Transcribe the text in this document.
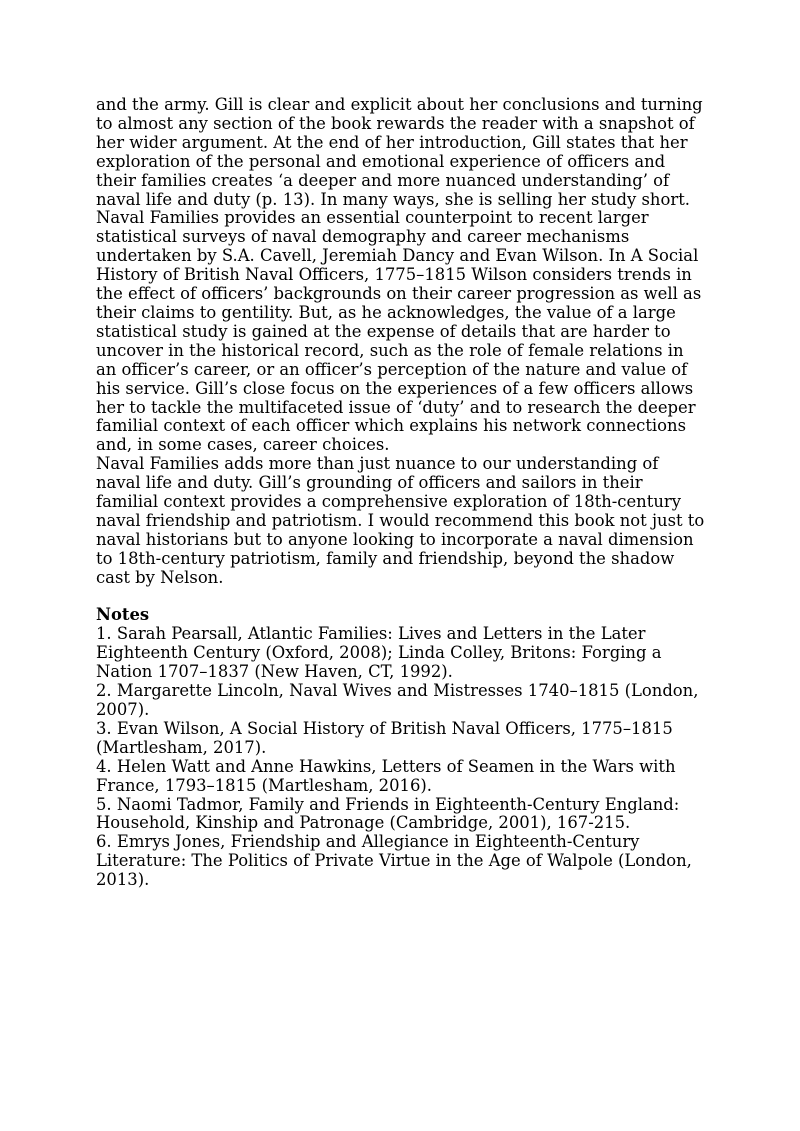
and the army. Gill is clear and explicit about her conclusions and turning to almost any section of the book rewards the reader with a snapshot of her wider argument. At the end of her introduction, Gill states that her exploration of the personal and emotional experience of officers and their families creates ‘a deeper and more nuanced understanding’ of naval life and duty (p. 13). In many ways, she is selling her study short. Naval Families provides an essential counterpoint to recent larger statistical surveys of naval demography and career mechanisms undertaken by S.A. Cavell, Jeremiah Dancy and Evan Wilson. In A Social History of British Naval Officers, 1775–1815 Wilson considers trends in the effect of officers’ backgrounds on their career progression as well as their claims to gentility. But, as he acknowledges, the value of a large statistical study is gained at the expense of details that are harder to uncover in the historical record, such as the role of female relations in an officer’s career, or an officer’s perception of the nature and value of his service. Gill’s close focus on the experiences of a few officers allows her to tackle the multifaceted issue of ‘duty’ and to research the deeper familial context of each officer which explains his network connections and, in some cases, career choices.

Naval Families adds more than just nuance to our understanding of naval life and duty. Gill’s grounding of officers and sailors in their familial context provides a comprehensive exploration of 18th-century naval friendship and patriotism. I would recommend this book not just to naval historians but to anyone looking to incorporate a naval dimension to 18th-century patriotism, family and friendship, beyond the shadow cast by Nelson.

Notes
1. Sarah Pearsall, Atlantic Families: Lives and Letters in the Later Eighteenth Century (Oxford, 2008); Linda Colley, Britons: Forging a Nation 1707–1837 (New Haven, CT, 1992).
2. Margarette Lincoln, Naval Wives and Mistresses 1740–1815 (London, 2007).
3. Evan Wilson, A Social History of British Naval Officers, 1775–1815 (Martlesham, 2017).
4. Helen Watt and Anne Hawkins, Letters of Seamen in the Wars with France, 1793–1815 (Martlesham, 2016).
5. Naomi Tadmor, Family and Friends in Eighteenth-Century England: Household, Kinship and Patronage (Cambridge, 2001), 167-215.
6. Emrys Jones, Friendship and Allegiance in Eighteenth-Century Literature: The Politics of Private Virtue in the Age of Walpole (London, 2013).
